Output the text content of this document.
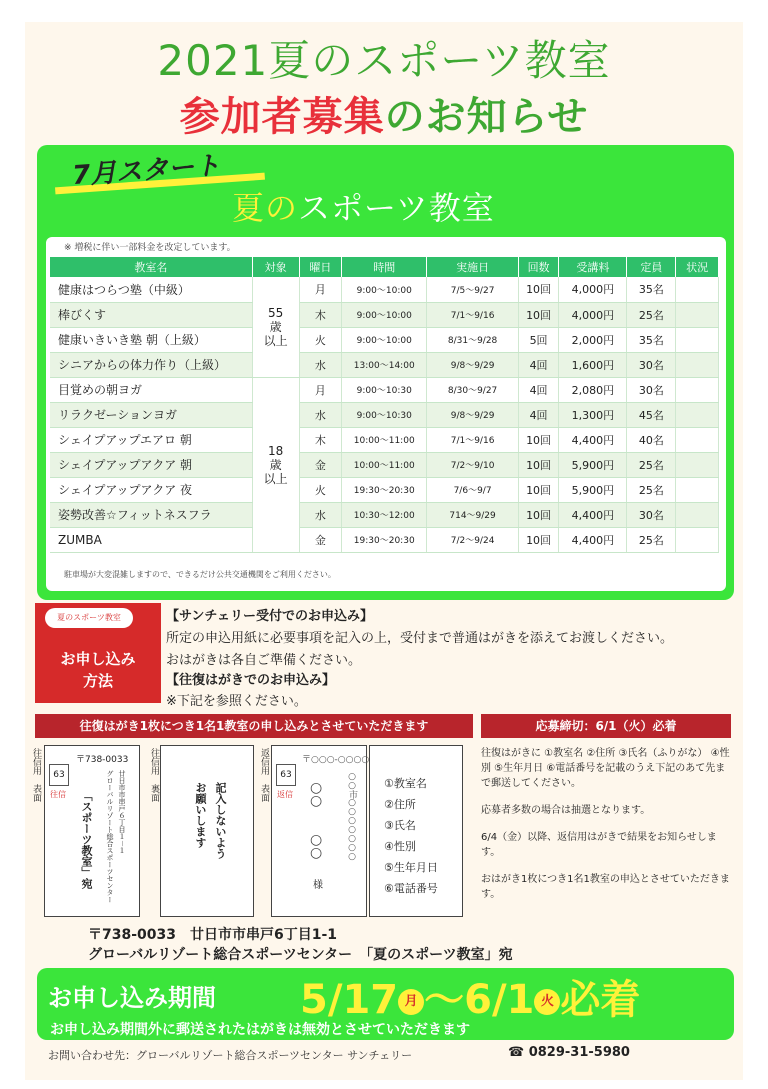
2021夏のスポーツ教室
参加者募集のお知らせ
7月スタート
夏のスポーツ教室
※ 増税に伴い一部料金を改定しています。
教室名	対象	曜日	時間	実施日	回数	受講料	定員	状況
健康はつらつ塾（中級）	55
歳
以上	月	9:00～10:00	7/5～9/27	10回	4,000円	35名	
棒びくす		木	9:00～10:00	7/1～9/16	10回	4,000円	25名	
健康いきいき塾 朝（上級）		火	9:00～10:00	8/31～9/28	5回	2,000円	35名	
シニアからの体力作り（上級）		水	13:00～14:00	9/8～9/29	4回	1,600円	30名	
目覚めの朝ヨガ	18
歳
以上	月	9:00～10:30	8/30～9/27	4回	2,080円	30名	
リラクゼーションヨガ		水	9:00～10:30	9/8～9/29	4回	1,300円	45名	
シェイプアップエアロ 朝		木	10:00～11:00	7/1～9/16	10回	4,400円	40名	
シェイプアップアクア 朝		金	10:00～11:00	7/2～9/10	10回	5,900円	25名	
シェイプアップアクア 夜		火	19:30～20:30	7/6～9/7	10回	5,900円	25名	
姿勢改善☆フィットネスフラ		水	10:30～12:00	714～9/29	10回	4,400円	30名	
ZUMBA		金	19:30～20:30	7/2～9/24	10回	4,400円	25名	
駐車場が大変混雑しますので、できるだけ公共交通機関をご利用ください。
夏のスポーツ教室
お申し込み
方法
【サンチェリー受付でのお申込み】
所定の申込用紙に必要事項を記入の上，受付まで普通はがきを添えてお渡しください。
おはがきは各自ご準備ください。
【往復はがきでのお申込み】
※下記を参照ください。
往復はがき1枚につき1名1教室の申し込みとさせていただきます	応募締切：6/1（火）必着
往信用　表面	63
往信
〒738-0033
廿日市市串戸６丁目１－１
グローバルリゾート総合スポーツセンター
「スポーツ教室」宛
往信用　裏面
記入しないよう
お願いします
返信用　表面	63
返信
〒○○○-○○○○
○○市○○○○○○○
○
○

○
○
様
①教室名
②住所
③氏名
④性別
⑤生年月日
⑥電話番号

往復はがきに ①教室名 ②住所 ③氏名（ふりがな） ④性別 ⑤生年月日 ⑥電話番号を記載のうえ下記のあて先まで郵送してください。

応募者多数の場合は抽選となります。

6/4（金）以降、返信用はがきで結果をお知らせします。

おはがき1枚につき1名1教室の申込とさせていただきます。

〒738-0033　廿日市市串戸6丁目1-1
グローバルリゾート総合スポーツセンター　「夏のスポーツ教室」宛
お申し込み期間 5/17 月 ～6/1 火 必着
お申し込み期間外に郵送されたはがきは無効とさせていただきます
お問い合わせ先：グローバルリゾート総合スポーツセンター サンチェリー	☎ 0829-31-5980
